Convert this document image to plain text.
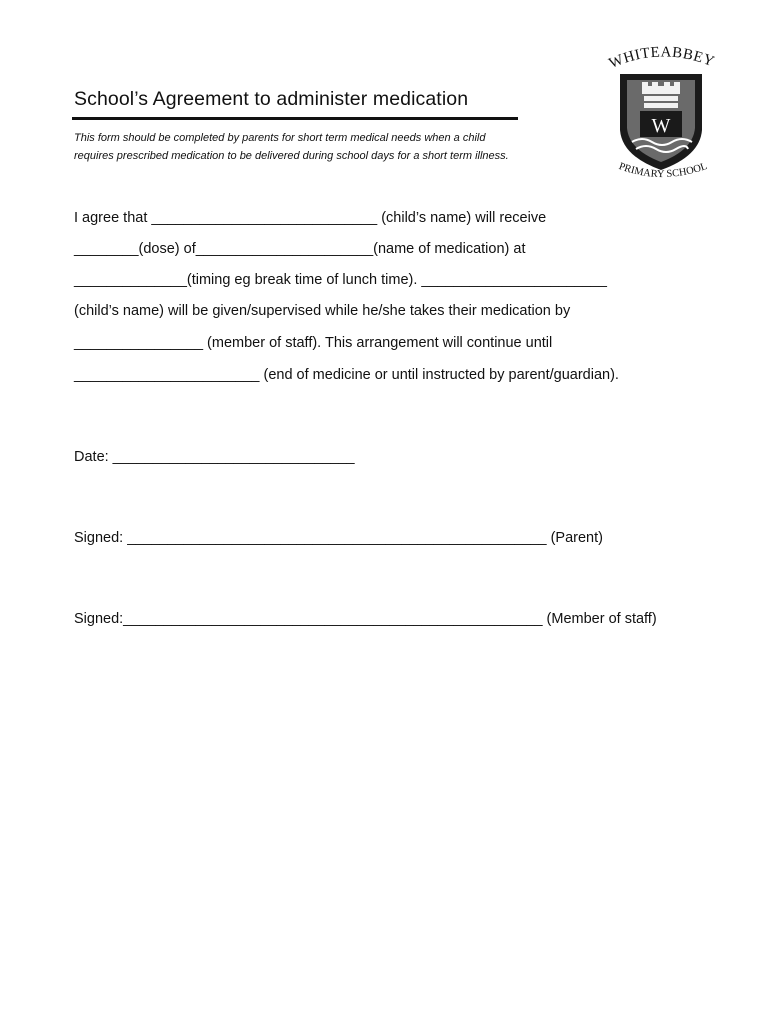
WHITEABBEY
W
PRIMARY SCHOOL
School’s Agreement to administer medication
This form should be completed by parents for short term medical needs when a child
requires prescribed medication to be delivered during school days for a short term illness.
I agree that ____________________________ (child’s name) will receive
________(dose) of______________________(name of medication) at
______________(timing eg break time of lunch time). _______________________
(child’s name) will be given/supervised while he/she takes their medication by
________________ (member of staff). This arrangement will continue until
_______________________ (end of medicine or until instructed by parent/guardian).
Date: ______________________________
Signed: ____________________________________________________ (Parent)
Signed:____________________________________________________ (Member of staff)
